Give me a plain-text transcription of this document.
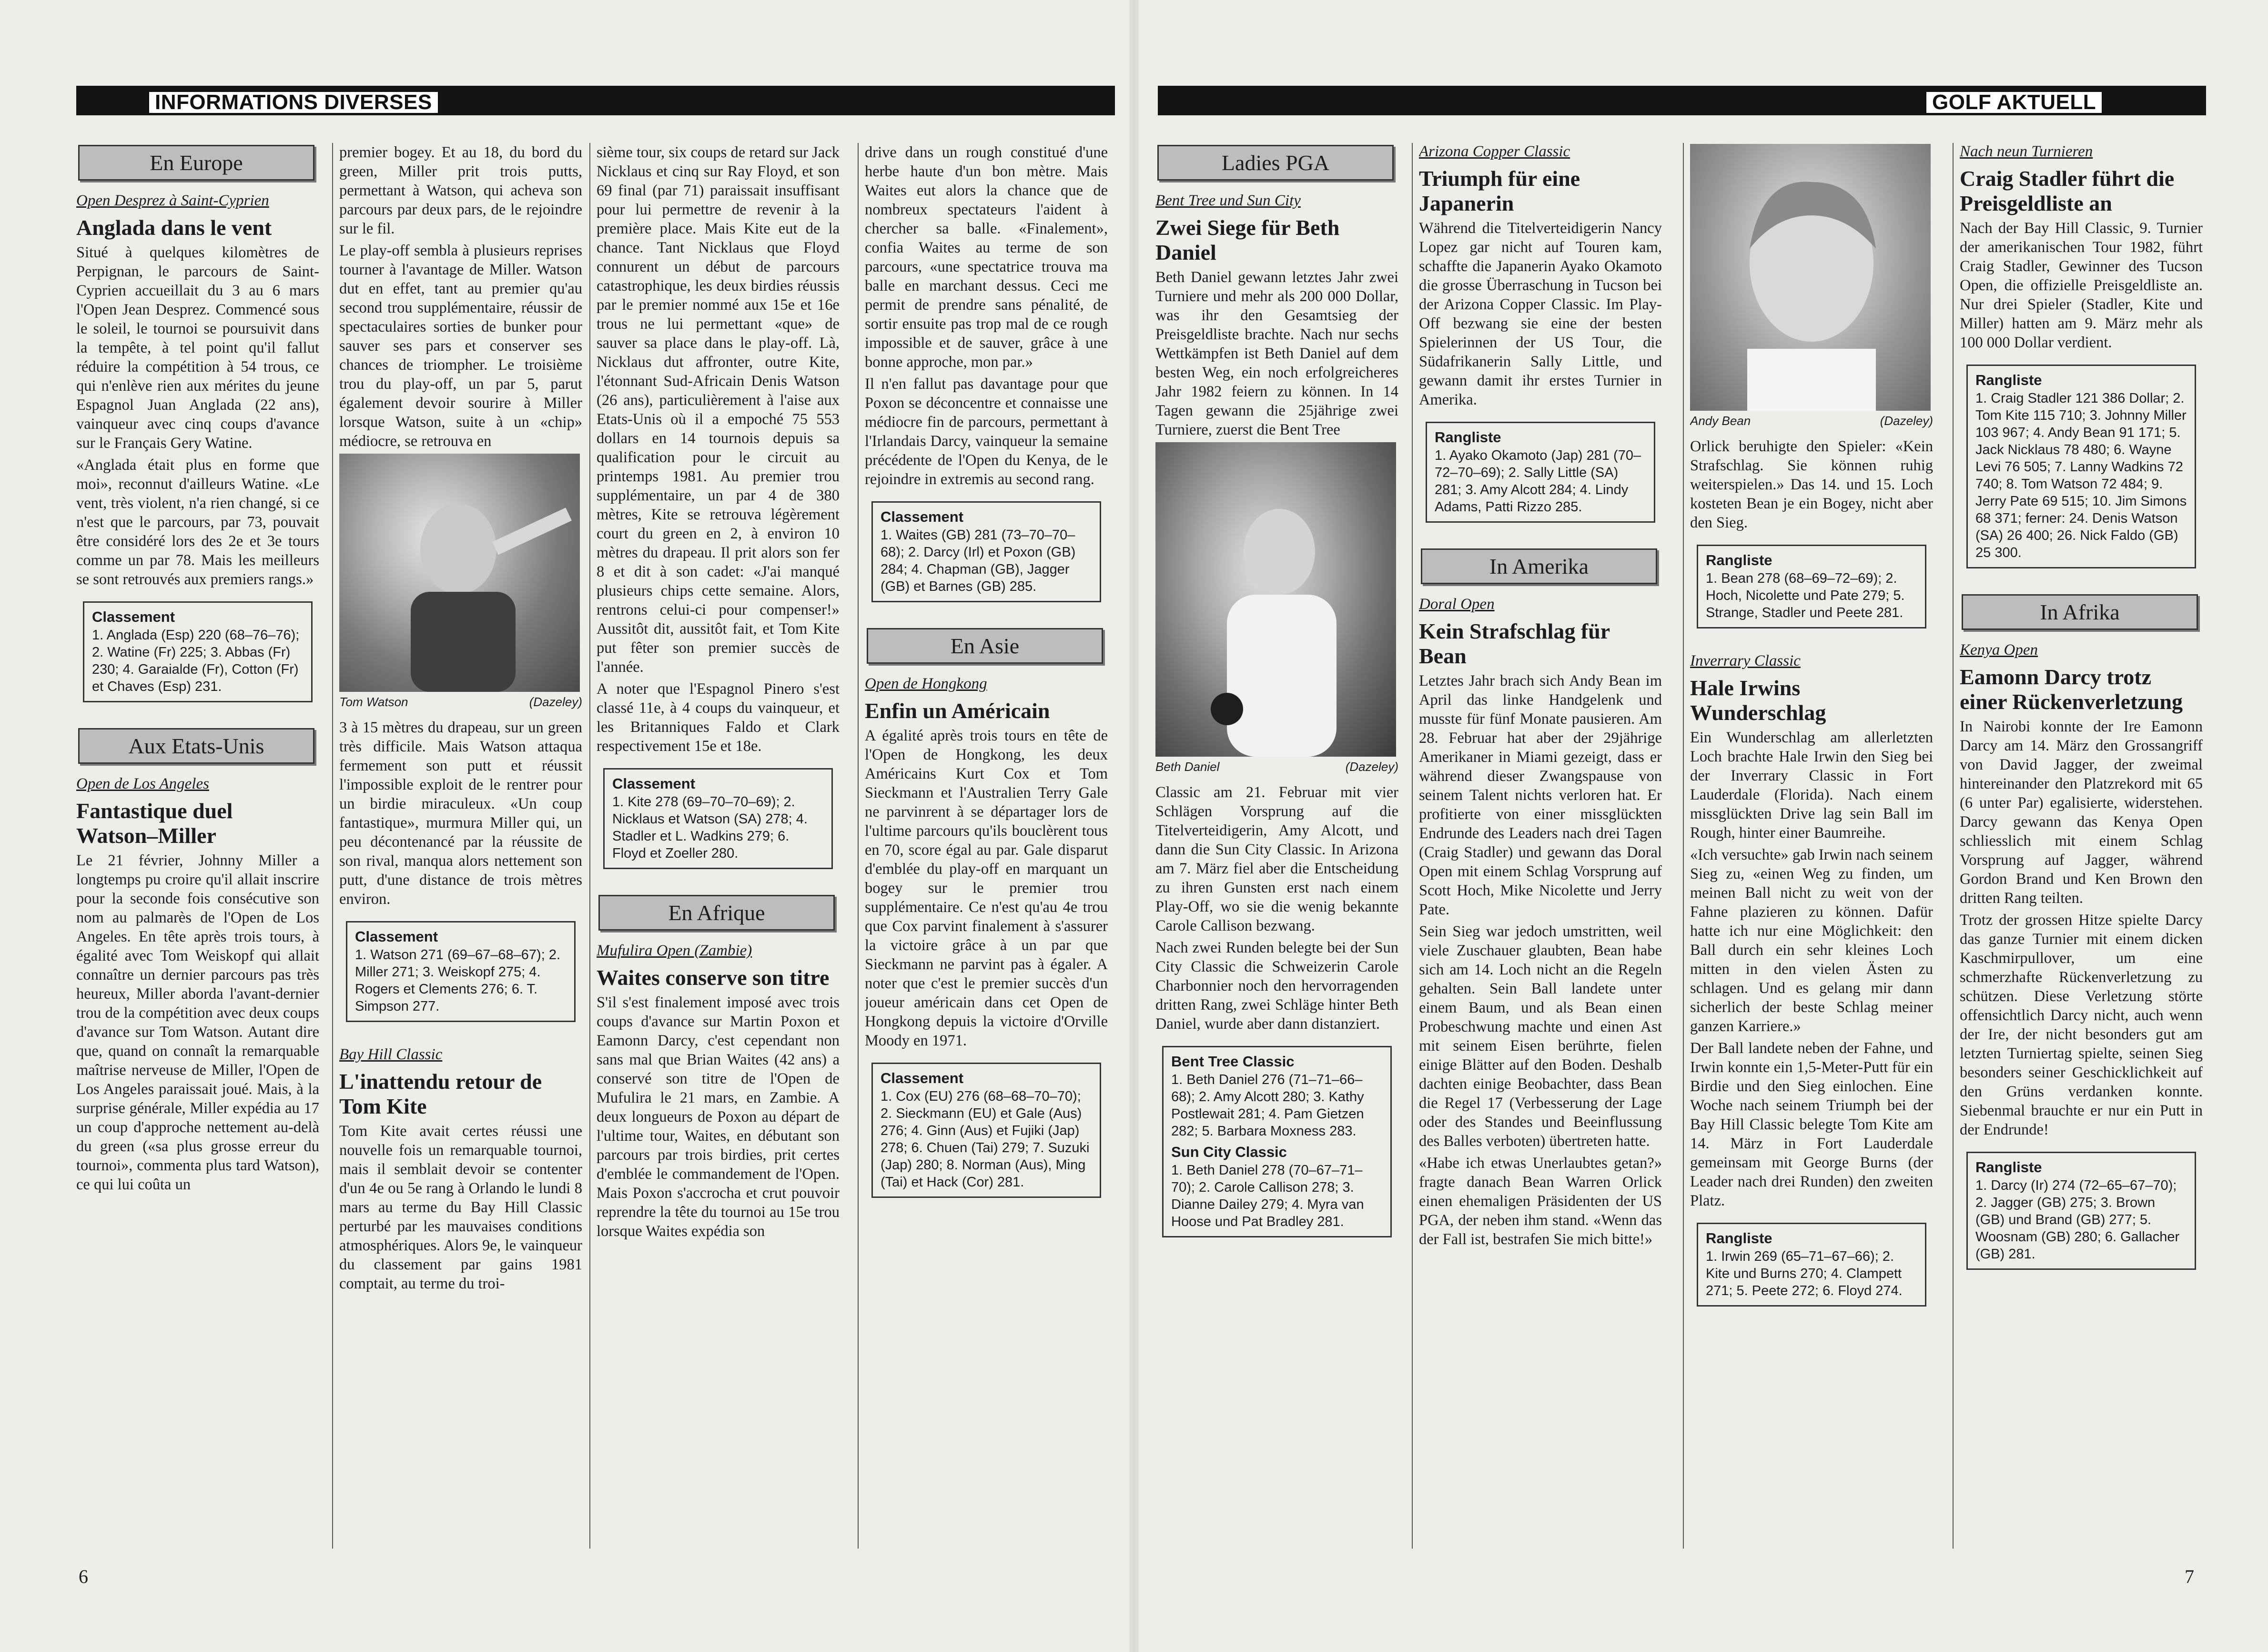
INFORMATIONS DIVERSES
En Europe
Open Desprez à Saint-Cyprien
Anglada dans le vent

Situé à quelques kilomètres de Perpignan, le parcours de Saint-Cyprien accueillait du 3 au 6 mars l'Open Jean Desprez. Commencé sous le soleil, le tournoi se poursuivit dans la tempête, à tel point qu'il fallut réduire la compétition à 54 trous, ce qui n'enlève rien aux mérites du jeune Espagnol Juan Anglada (22 ans), vainqueur avec cinq coups d'avance sur le Français Gery Watine.

«Anglada était plus en forme que moi», reconnut d'ailleurs Watine. «Le vent, très violent, n'a rien changé, si ce n'est que le parcours, par 73, pouvait être considéré lors des 2e et 3e tours comme un par 78. Mais les meilleurs se sont retrouvés aux premiers rangs.»

Classement
1. Anglada (Esp) 220 (68–76–76); 2. Watine (Fr) 225; 3. Abbas (Fr) 230; 4. Garaialde (Fr), Cotton (Fr) et Chaves (Esp) 231.
Aux Etats-Unis
Open de Los Angeles
Fantastique duel Watson–Miller

Le 21 février, Johnny Miller a longtemps pu croire qu'il allait inscrire pour la seconde fois consécutive son nom au palmarès de l'Open de Los Angeles. En tête après trois tours, à égalité avec Tom Weiskopf qui allait connaître un dernier parcours pas très heureux, Miller aborda l'avant-dernier trou de la compétition avec deux coups d'avance sur Tom Watson. Autant dire que, quand on connaît la remarquable maîtrise nerveuse de Miller, l'Open de Los Angeles paraissait joué. Mais, à la surprise générale, Miller expédia au 17 un coup d'approche nettement au-delà du green («sa plus grosse erreur du tournoi», commenta plus tard Watson), ce qui lui coûta un

premier bogey. Et au 18, du bord du green, Miller prit trois putts, permettant à Watson, qui acheva son parcours par deux pars, de le rejoindre sur le fil.

Le play-off sembla à plusieurs reprises tourner à l'avantage de Miller. Watson dut en effet, tant au premier qu'au second trou supplémentaire, réussir de spectaculaires sorties de bunker pour sauver ses pars et conserver ses chances de triompher. Le troisième trou du play-off, un par 5, parut également devoir sourire à Miller lorsque Watson, suite à un «chip» médiocre, se retrouva en

Tom Watson	(Dazeley)

3 à 15 mètres du drapeau, sur un green très difficile. Mais Watson attaqua fermement son putt et réussit l'impossible exploit de le rentrer pour un birdie miraculeux. «Un coup fantastique», murmura Miller qui, un peu décontenancé par la réussite de son rival, manqua alors nettement son putt, d'une distance de trois mètres environ.

Classement
1. Watson 271 (69–67–68–67); 2. Miller 271; 3. Weiskopf 275; 4. Rogers et Clements 276; 6. T. Simpson 277.
Bay Hill Classic
L'inattendu retour de Tom Kite

Tom Kite avait certes réussi une nouvelle fois un remarquable tournoi, mais il semblait devoir se contenter d'un 4e ou 5e rang à Orlando le lundi 8 mars au terme du Bay Hill Classic perturbé par les mauvaises conditions atmosphériques. Alors 9e, le vainqueur du classement par gains 1981 comptait, au terme du troi-

sième tour, six coups de retard sur Jack Nicklaus et cinq sur Ray Floyd, et son 69 final (par 71) paraissait insuffisant pour lui permettre de revenir à la première place. Mais Kite eut de la chance. Tant Nicklaus que Floyd connurent un début de parcours catastrophique, les deux birdies réussis par le premier nommé aux 15e et 16e trous ne lui permettant «que» de sauver sa place dans le play-off. Là, Nicklaus dut affronter, outre Kite, l'étonnant Sud-Africain Denis Watson (26 ans), particulièrement à l'aise aux Etats-Unis où il a empoché 75 553 dollars en 14 tournois depuis sa qualification pour le circuit au printemps 1981. Au premier trou supplémentaire, un par 4 de 380 mètres, Kite se retrouva légèrement court du green en 2, à environ 10 mètres du drapeau. Il prit alors son fer 8 et dit à son cadet: «J'ai manqué plusieurs chips cette semaine. Alors, rentrons celui-ci pour compenser!» Aussitôt dit, aussitôt fait, et Tom Kite put fêter son premier succès de l'année.

A noter que l'Espagnol Pinero s'est classé 11e, à 4 coups du vainqueur, et les Britanniques Faldo et Clark respectivement 15e et 18e.

Classement
1. Kite 278 (69–70–70–69); 2. Nicklaus et Watson (SA) 278; 4. Stadler et L. Wadkins 279; 6. Floyd et Zoeller 280.
En Afrique
Mufulira Open (Zambie)
Waites conserve son titre

S'il s'est finalement imposé avec trois coups d'avance sur Martin Poxon et Eamonn Darcy, c'est cependant non sans mal que Brian Waites (42 ans) a conservé son titre de l'Open de Mufulira le 21 mars, en Zambie. A deux longueurs de Poxon au départ de l'ultime tour, Waites, en débutant son parcours par trois birdies, prit certes d'emblée le commandement de l'Open. Mais Poxon s'accrocha et crut pouvoir reprendre la tête du tournoi au 15e trou lorsque Waites expédia son

drive dans un rough constitué d'une herbe haute d'un bon mètre. Mais Waites eut alors la chance que de nombreux spectateurs l'aident à chercher sa balle. «Finalement», confia Waites au terme de son parcours, «une spectatrice trouva ma balle en marchant dessus. Ceci me permit de prendre sans pénalité, de sortir ensuite pas trop mal de ce rough impossible et de sauver, grâce à une bonne approche, mon par.»

Il n'en fallut pas davantage pour que Poxon se déconcentre et connaisse une médiocre fin de parcours, permettant à l'Irlandais Darcy, vainqueur la semaine précédente de l'Open du Kenya, de le rejoindre in extremis au second rang.

Classement
1. Waites (GB) 281 (73–70–70–68); 2. Darcy (Irl) et Poxon (GB) 284; 4. Chapman (GB), Jagger (GB) et Barnes (GB) 285.
En Asie
Open de Hongkong
Enfin un Américain

A égalité après trois tours en tête de l'Open de Hongkong, les deux Américains Kurt Cox et Tom Sieckmann et l'Australien Terry Gale ne parvinrent à se départager lors de l'ultime parcours qu'ils bouclèrent tous en 70, score égal au par. Gale disparut d'emblée du play-off en marquant un bogey sur le premier trou supplémentaire. Ce n'est qu'au 4e trou que Cox parvint finalement à s'assurer la victoire grâce à un par que Sieckmann ne parvint pas à égaler. A noter que c'est le premier succès d'un joueur américain dans cet Open de Hongkong depuis la victoire d'Orville Moody en 1971.

Classement
1. Cox (EU) 276 (68–68–70–70); 2. Sieckmann (EU) et Gale (Aus) 276; 4. Ginn (Aus) et Fujiki (Jap) 278; 6. Chuen (Tai) 279; 7. Suzuki (Jap) 280; 8. Norman (Aus), Ming (Tai) et Hack (Cor) 281.
6
GOLF AKTUELL
Ladies PGA
Bent Tree und Sun City
Zwei Siege für Beth Daniel

Beth Daniel gewann letztes Jahr zwei Turniere und mehr als 200 000 Dollar, was ihr den Gesamtsieg der Preisgeldliste brachte. Nach nur sechs Wettkämpfen ist Beth Daniel auf dem besten Weg, ein noch erfolgreicheres Jahr 1982 feiern zu können. In 14 Tagen gewann die 25jährige zwei Turniere, zuerst die Bent Tree

Beth Daniel	(Dazeley)

Classic am 21. Februar mit vier Schlägen Vorsprung auf die Titelverteidigerin, Amy Alcott, und dann die Sun City Classic. In Arizona am 7. März fiel aber die Entscheidung zu ihren Gunsten erst nach einem Play-Off, wo sie die wenig bekannte Carole Callison bezwang.

Nach zwei Runden belegte bei der Sun City Classic die Schweizerin Carole Charbonnier noch den hervorragenden dritten Rang, zwei Schläge hinter Beth Daniel, wurde aber dann distanziert.

Bent Tree Classic
1. Beth Daniel 276 (71–71–66–68); 2. Amy Alcott 280; 3. Kathy Postlewait 281; 4. Pam Gietzen 282; 5. Barbara Moxness 283.
Sun City Classic
1. Beth Daniel 278 (70–67–71–70); 2. Carole Callison 278; 3. Dianne Dailey 279; 4. Myra van Hoose und Pat Bradley 281.
Arizona Copper Classic
Triumph für eine Japanerin

Während die Titelverteidigerin Nancy Lopez gar nicht auf Touren kam, schaffte die Japanerin Ayako Okamoto die grosse Überraschung in Tucson bei der Arizona Copper Classic. Im Play-Off bezwang sie eine der besten Spielerinnen der US Tour, die Südafrikanerin Sally Little, und gewann damit ihr erstes Turnier in Amerika.

Rangliste
1. Ayako Okamoto (Jap) 281 (70–72–70–69); 2. Sally Little (SA) 281; 3. Amy Alcott 284; 4. Lindy Adams, Patti Rizzo 285.
In Amerika
Doral Open
Kein Strafschlag für Bean

Letztes Jahr brach sich Andy Bean im April das linke Handgelenk und musste für fünf Monate pausieren. Am 28. Februar hat aber der 29jährige Amerikaner in Miami gezeigt, dass er während dieser Zwangspause von seinem Talent nichts verloren hat. Er profitierte von einer missglückten Endrunde des Leaders nach drei Tagen (Craig Stadler) und gewann das Doral Open mit einem Schlag Vorsprung auf Scott Hoch, Mike Nicolette und Jerry Pate.

Sein Sieg war jedoch umstritten, weil viele Zuschauer glaubten, Bean habe sich am 14. Loch nicht an die Regeln gehalten. Sein Ball landete unter einem Baum, und als Bean einen Probeschwung machte und einen Ast mit seinem Eisen berührte, fielen einige Blätter auf den Boden. Deshalb dachten einige Beobachter, dass Bean die Regel 17 (Verbesserung der Lage oder des Standes und Beeinflussung des Balles verboten) übertreten hatte.

«Habe ich etwas Unerlaubtes getan?» fragte danach Bean Warren Orlick einen ehemaligen Präsidenten der US PGA, der neben ihm stand. «Wenn das der Fall ist, bestrafen Sie mich bitte!»

Andy Bean	(Dazeley)

Orlick beruhigte den Spieler: «Kein Strafschlag. Sie können ruhig weiterspielen.» Das 14. und 15. Loch kosteten Bean je ein Bogey, nicht aber den Sieg.

Rangliste
1. Bean 278 (68–69–72–69); 2. Hoch, Nicolette und Pate 279; 5. Strange, Stadler und Peete 281.
Inverrary Classic
Hale Irwins Wunderschlag

Ein Wunderschlag am allerletzten Loch brachte Hale Irwin den Sieg bei der Inverrary Classic in Fort Lauderdale (Florida). Nach einem missglückten Drive lag sein Ball im Rough, hinter einer Baumreihe.

«Ich versuchte» gab Irwin nach seinem Sieg zu, «einen Weg zu finden, um meinen Ball nicht zu weit von der Fahne plazieren zu können. Dafür hatte ich nur eine Möglichkeit: den Ball durch ein sehr kleines Loch mitten in den vielen Ästen zu schlagen. Und es gelang mir dann sicherlich der beste Schlag meiner ganzen Karriere.»

Der Ball landete neben der Fahne, und Irwin konnte ein 1,5-Meter-Putt für ein Birdie und den Sieg einlochen. Eine Woche nach seinem Triumph bei der Bay Hill Classic belegte Tom Kite am 14. März in Fort Lauderdale gemeinsam mit George Burns (der Leader nach drei Runden) den zweiten Platz.

Rangliste
1. Irwin 269 (65–71–67–66); 2. Kite und Burns 270; 4. Clampett 271; 5. Peete 272; 6. Floyd 274.
Nach neun Turnieren
Craig Stadler führt die Preisgeldliste an

Nach der Bay Hill Classic, 9. Turnier der amerikanischen Tour 1982, führt Craig Stadler, Gewinner des Tucson Open, die offizielle Preisgeldliste an. Nur drei Spieler (Stadler, Kite und Miller) hatten am 9. März mehr als 100 000 Dollar verdient.

Rangliste
1. Craig Stadler 121 386 Dollar; 2. Tom Kite 115 710; 3. Johnny Miller 103 967; 4. Andy Bean 91 171; 5. Jack Nicklaus 78 480; 6. Wayne Levi 76 505; 7. Lanny Wadkins 72 740; 8. Tom Watson 72 484; 9. Jerry Pate 69 515; 10. Jim Simons 68 371; ferner: 24. Denis Watson (SA) 26 400; 26. Nick Faldo (GB) 25 300.
In Afrika
Kenya Open
Eamonn Darcy trotz einer Rückenverletzung

In Nairobi konnte der Ire Eamonn Darcy am 14. März den Grossangriff von David Jagger, der zweimal hintereinander den Platzrekord mit 65 (6 unter Par) egalisierte, widerstehen. Darcy gewann das Kenya Open schliesslich mit einem Schlag Vorsprung auf Jagger, während Gordon Brand und Ken Brown den dritten Rang teilten.

Trotz der grossen Hitze spielte Darcy das ganze Turnier mit einem dicken Kaschmirpullover, um eine schmerzhafte Rückenverletzung zu schützen. Diese Verletzung störte offensichtlich Darcy nicht, auch wenn der Ire, der nicht besonders gut am letzten Turniertag spielte, seinen Sieg besonders seiner Geschicklichkeit auf den Grüns verdanken konnte. Siebenmal brauchte er nur ein Putt in der Endrunde!

Rangliste
1. Darcy (Ir) 274 (72–65–67–70); 2. Jagger (GB) 275; 3. Brown (GB) und Brand (GB) 277; 5. Woosnam (GB) 280; 6. Gallacher (GB) 281.
7
